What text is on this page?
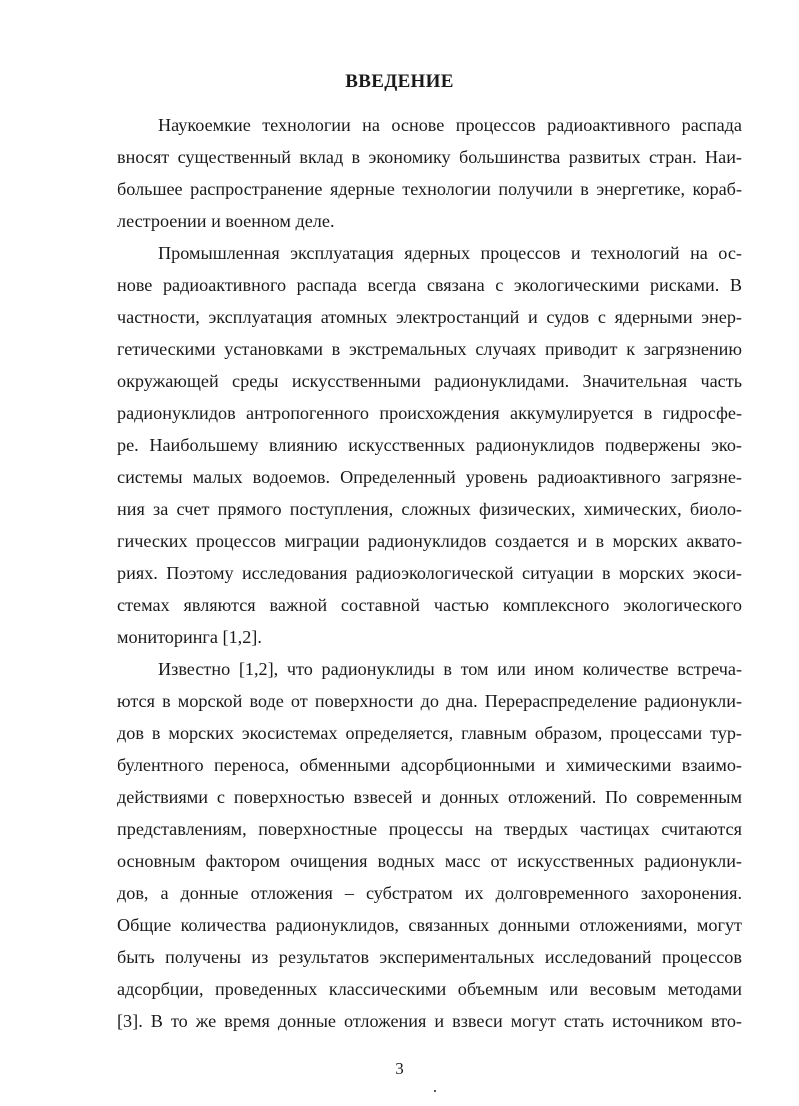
ВВЕДЕНИЕ
Наукоемкие технологии на основе процессов радиоактивного распада
вносят существенный вклад в экономику большинства развитых стран. Наи-
большее распространение ядерные технологии получили в энергетике, кораб-
лестроении и военном деле.
Промышленная эксплуатация ядерных процессов и технологий на ос-
нове радиоактивного распада всегда связана с экологическими рисками. В
частности, эксплуатация атомных электростанций и судов с ядерными энер-
гетическими установками в экстремальных случаях приводит к загрязнению
окружающей среды искусственными радионуклидами. Значительная часть
радионуклидов антропогенного происхождения аккумулируется в гидросфе-
ре. Наибольшему влиянию искусственных радионуклидов подвержены эко-
системы малых водоемов. Определенный уровень радиоактивного загрязне-
ния за счет прямого поступления, сложных физических, химических, биоло-
гических процессов миграции радионуклидов создается и в морских аквато-
риях. Поэтому исследования радиоэкологической ситуации в морских экоси-
стемах являются важной составной частью комплексного экологического
мониторинга [1,2].
Известно [1,2], что радионуклиды в том или ином количестве встреча-
ются в морской воде от поверхности до дна. Перераспределение радионукли-
дов в морских экосистемах определяется, главным образом, процессами тур-
булентного переноса, обменными адсорбционными и химическими взаимо-
действиями с поверхностью взвесей и донных отложений. По современным
представлениям, поверхностные процессы на твердых частицах считаются
основным фактором очищения водных масс от искусственных радионукли-
дов, а донные отложения – субстратом их долговременного захоронения.
Общие количества радионуклидов, связанных донными отложениями, могут
быть получены из результатов экспериментальных исследований процессов
адсорбции, проведенных классическими объемным или весовым методами
[3]. В то же время донные отложения и взвеси могут стать источником вто-
3
